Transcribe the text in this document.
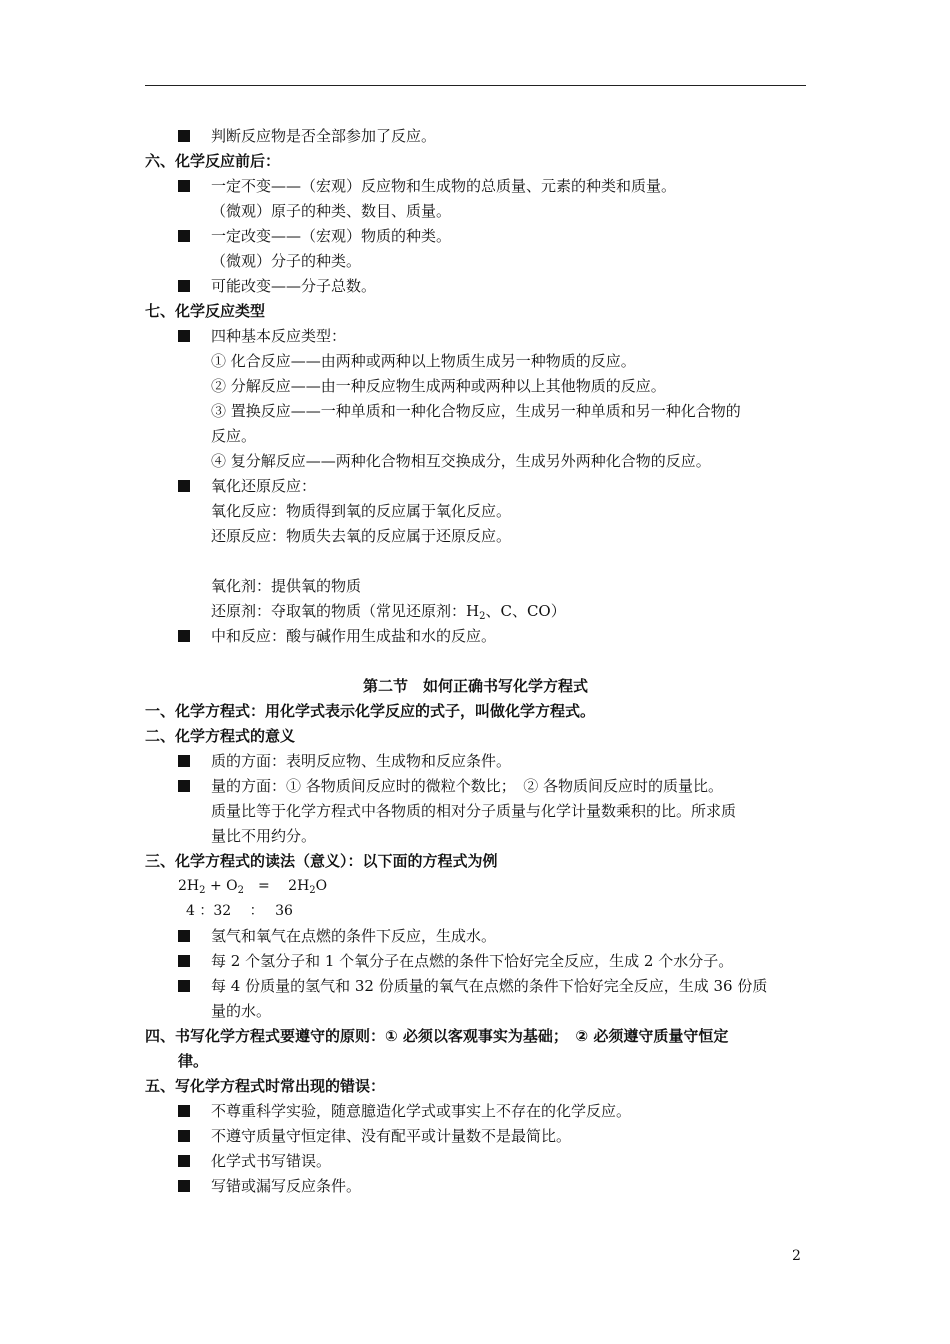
判断反应物是否全部参加了反应。
六、化学反应前后：
一定不变——（宏观）反应物和生成物的总质量、元素的种类和质量。
（微观）原子的种类、数目、质量。
一定改变——（宏观）物质的种类。
（微观）分子的种类。
可能改变——分子总数。
七、化学反应类型
四种基本反应类型：
① 化合反应——由两种或两种以上物质生成另一种物质的反应。
② 分解反应——由一种反应物生成两种或两种以上其他物质的反应。
③ 置换反应——一种单质和一种化合物反应，生成另一种单质和另一种化合物的
反应。
④ 复分解反应——两种化合物相互交换成分，生成另外两种化合物的反应。
氧化还原反应：
氧化反应：物质得到氧的反应属于氧化反应。
还原反应：物质失去氧的反应属于还原反应。
氧化剂：提供氧的物质
还原剂：夺取氧的物质（常见还原剂：$H_2$、C、CO）
中和反应：酸与碱作用生成盐和水的反应。
第二节　如何正确书写化学方程式
一、化学方程式：用化学式表示化学反应的式子，叫做化学方程式。
二、化学方程式的意义
质的方面：表明反应物、生成物和反应条件。
量的方面：① 各物质间反应时的微粒个数比；　② 各物质间反应时的质量比。
质量比等于化学方程式中各物质的相对分子质量与化学计量数乘积的比。所求质
量比不用约分。
三、化学方程式的读法（意义）：以下面的方程式为例
$2H_2 + O_2$　=　 $2H_2O$
4 ：32 　：　 36
氢气和氧气在点燃的条件下反应，生成水。
每 2 个氢分子和 1 个氧分子在点燃的条件下恰好完全反应，生成 2 个水分子。
每 4 份质量的氢气和 32 份质量的氧气在点燃的条件下恰好完全反应，生成 36 份质
量的水。
四、书写化学方程式要遵守的原则：① 必须以客观事实为基础；　② 必须遵守质量守恒定
律。
五、写化学方程式时常出现的错误：
不尊重科学实验，随意臆造化学式或事实上不存在的化学反应。
不遵守质量守恒定律、没有配平或计量数不是最简比。
化学式书写错误。
写错或漏写反应条件。
2
